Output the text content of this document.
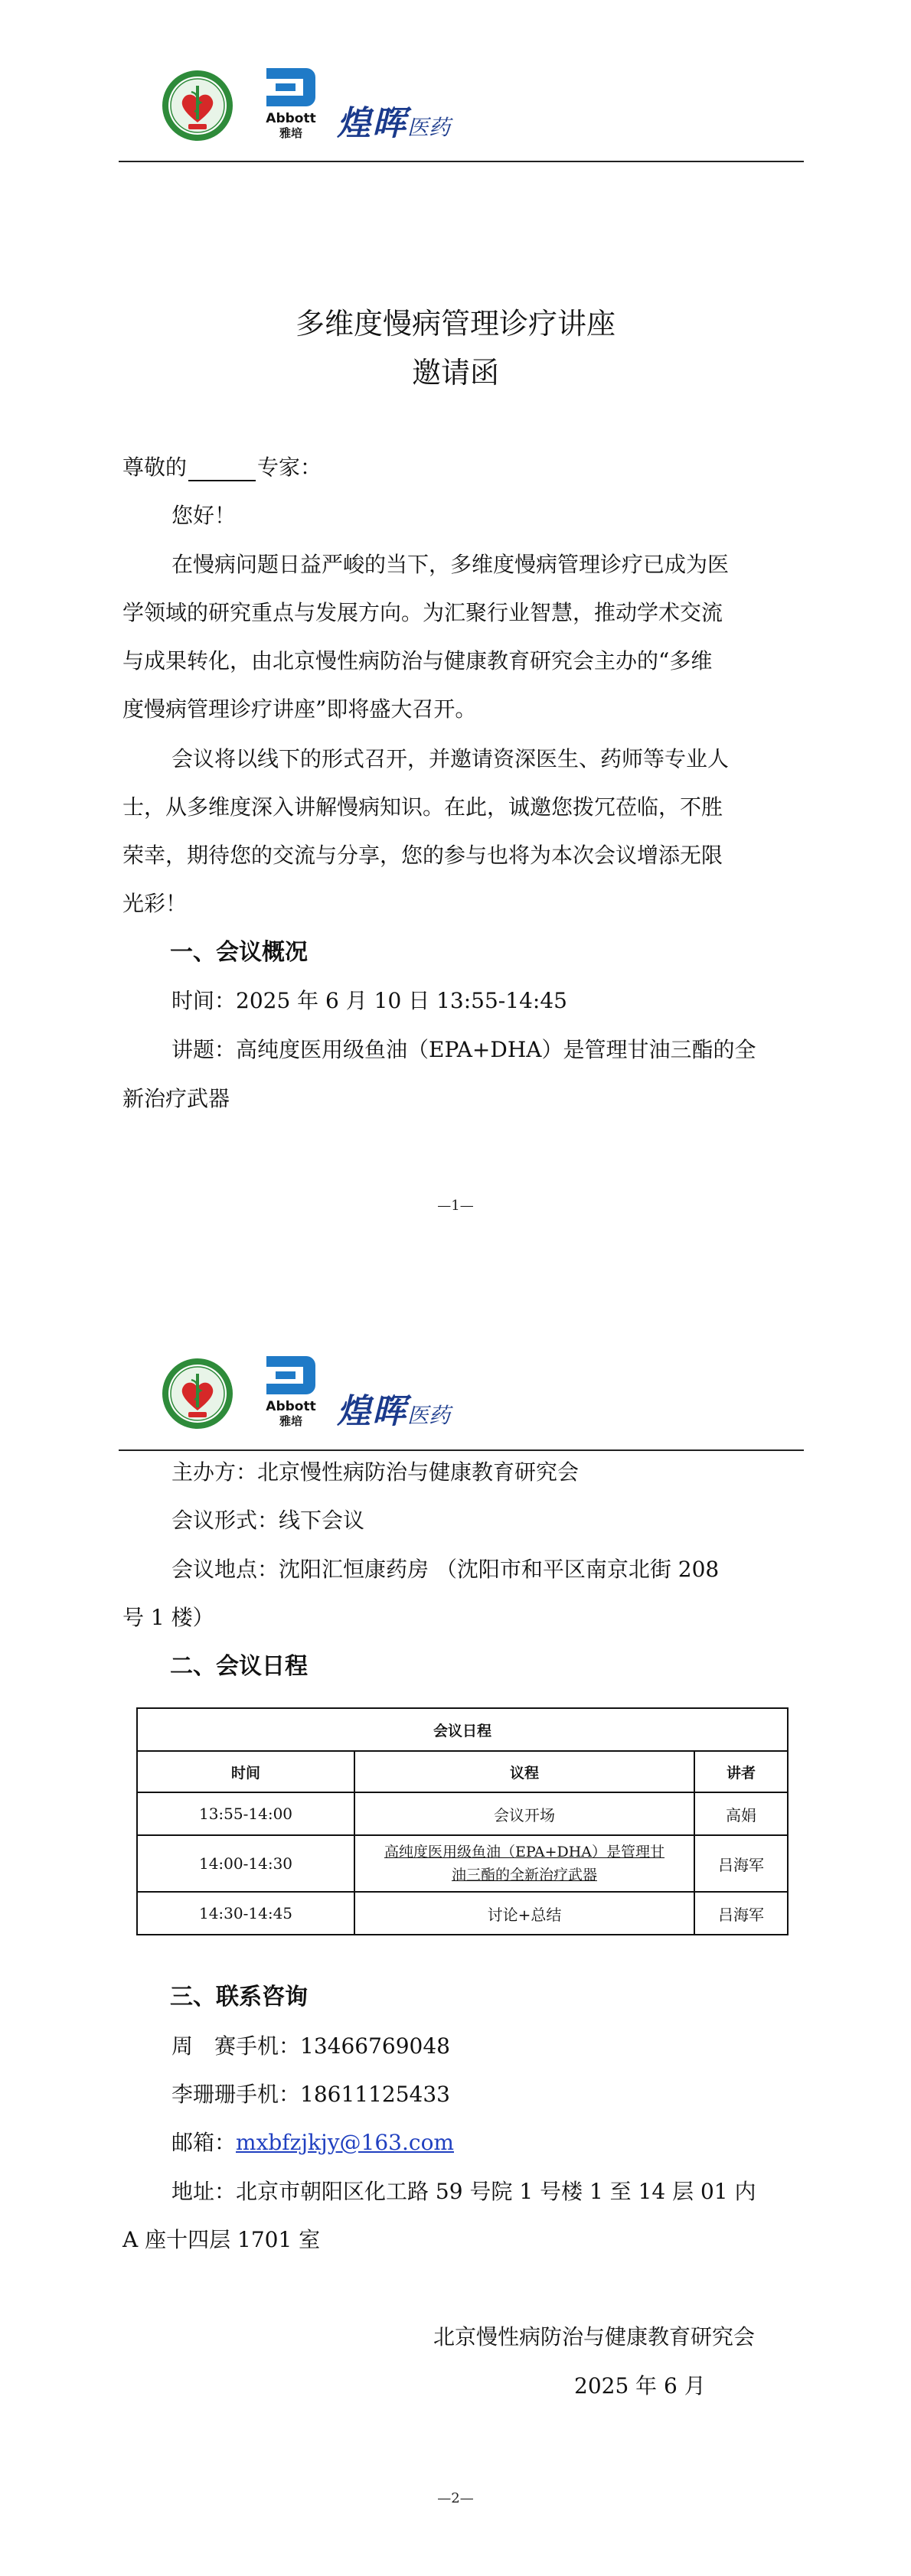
Abbott
雅培	煌晖医药
多维度慢病管理诊疗讲座
邀请函
尊敬的	专家：
您好！
在慢病问题日益严峻的当下，多维度慢病管理诊疗已成为医
学领域的研究重点与发展方向。为汇聚行业智慧，推动学术交流
与成果转化，由北京慢性病防治与健康教育研究会主办的“多维
度慢病管理诊疗讲座”即将盛大召开。
会议将以线下的形式召开，并邀请资深医生、药师等专业人
士，从多维度深入讲解慢病知识。在此，诚邀您拨冗莅临，不胜
荣幸，期待您的交流与分享，您的参与也将为本次会议增添无限
光彩！
一、会议概况
时间：2025 年 6 月 10 日 13:55-14:45
讲题：高纯度医用级鱼油（EPA+DHA）是管理甘油三酯的全
新治疗武器
—1—
Abbott
雅培	煌晖医药
主办方：北京慢性病防治与健康教育研究会
会议形式：线下会议
会议地点：沈阳汇恒康药房 （沈阳市和平区南京北街 208
号 1 楼）
二、会议日程
会议日程		
时间	议程	讲者
13:55-14:00	会议开场	高娟
14:00-14:30	高纯度医用级鱼油（EPA+DHA）是管理甘
油三酯的全新治疗武器	吕海军
14:30-14:45	讨论+总结	吕海军
三、联系咨询
周　赛手机：13466769048
李珊珊手机：18611125433
邮箱：mxbfzjkjy@163.com
地址：北京市朝阳区化工路 59 号院 1 号楼 1 至 14 层 01 内
A 座十四层 1701 室
北京慢性病防治与健康教育研究会
2025 年 6 月
—2—
